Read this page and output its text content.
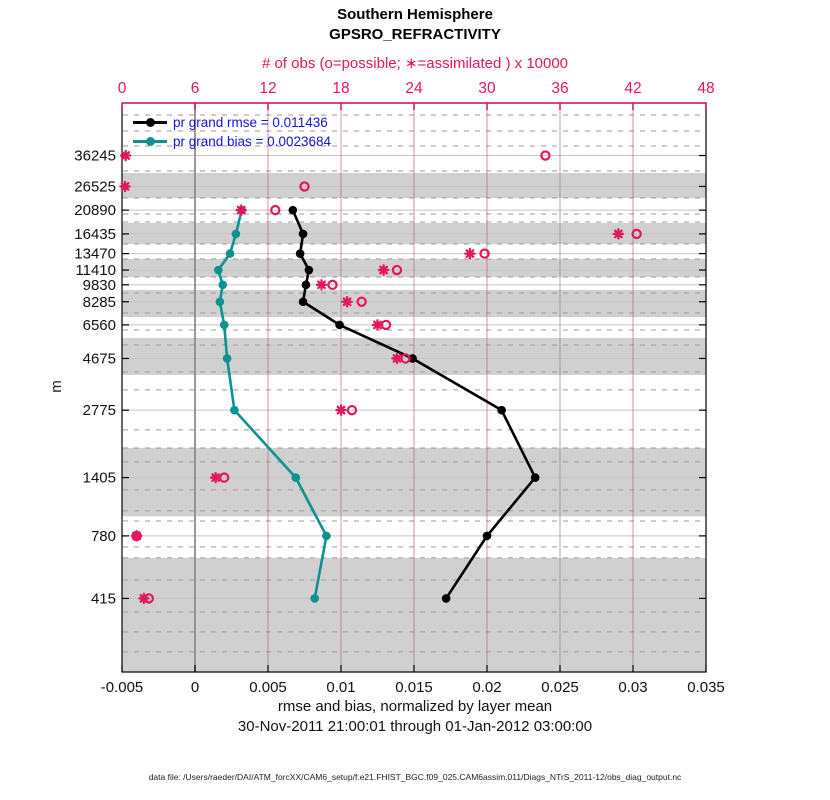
-0.005	0	0.005	0.01	0.015	0.02	0.025	0.03	0.035
0	6	12	18	24	30	36	42	48
36245
26525
20890
16435
13470
11410
9830
8285
6560
4675
2775
1405
780
415
Southern Hemisphere
GPSRO_REFRACTIVITY
# of obs (o=possible; ∗=assimilated ) x 10000
m
pr grand rmse = 0.011436
pr grand bias = 0.0023684
rmse and bias, normalized by layer mean
30-Nov-2011 21:00:01 through 01-Jan-2012 03:00:00
data file: /Users/raeder/DAI/ATM_forcXX/CAM6_setup/f.e21.FHIST_BGC.f09_025.CAM6assim.011/Diags_NTrS_2011-12/obs_diag_output.nc
